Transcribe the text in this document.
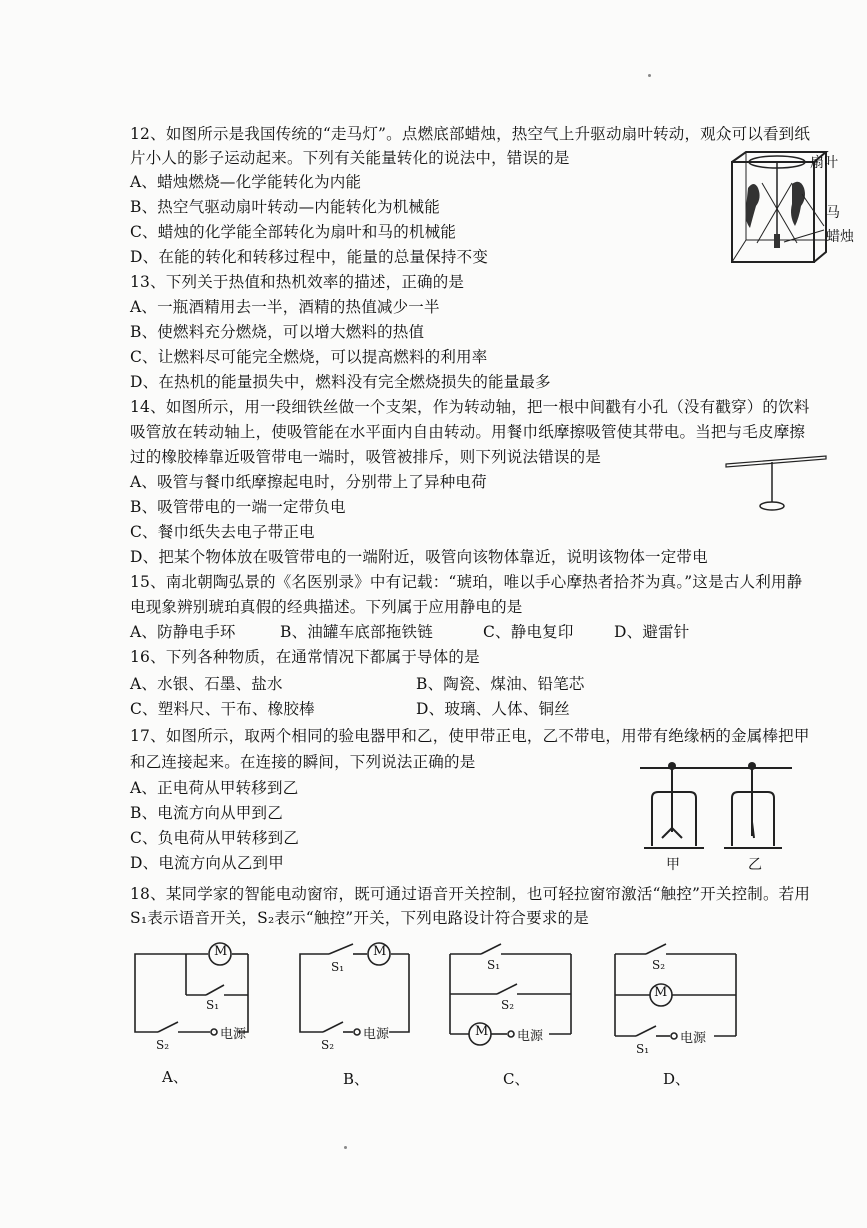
12、如图所示是我国传统的“走马灯”。点燃底部蜡烛，热空气上升驱动扇叶转动，观众可以看到纸
片小人的影子运动起来。下列有关能量转化的说法中，错误的是
A、蜡烛燃烧—化学能转化为内能
B、热空气驱动扇叶转动—内能转化为机械能
C、蜡烛的化学能全部转化为扇叶和马的机械能
D、在能的转化和转移过程中，能量的总量保持不变
扇叶
马
蜡烛
13、下列关于热值和热机效率的描述，正确的是
A、一瓶酒精用去一半，酒精的热值减少一半
B、使燃料充分燃烧，可以增大燃料的热值
C、让燃料尽可能完全燃烧，可以提高燃料的利用率
D、在热机的能量损失中，燃料没有完全燃烧损失的能量最多
14、如图所示，用一段细铁丝做一个支架，作为转动轴，把一根中间戳有小孔（没有戳穿）的饮料
吸管放在转动轴上，使吸管能在水平面内自由转动。用餐巾纸摩擦吸管使其带电。当把与毛皮摩擦
过的橡胶棒靠近吸管带电一端时，吸管被排斥，则下列说法错误的是
A、吸管与餐巾纸摩擦起电时，分别带上了异种电荷
B、吸管带电的一端一定带负电
C、餐巾纸失去电子带正电
D、把某个物体放在吸管带电的一端附近，吸管向该物体靠近，说明该物体一定带电
15、南北朝陶弘景的《名医别录》中有记载：“琥珀，唯以手心摩热者拾芥为真。”这是古人利用静
电现象辨别琥珀真假的经典描述。下列属于应用静电的是
A、防静电手环	B、油罐车底部拖铁链	C、静电复印	D、避雷针
16、下列各种物质，在通常情况下都属于导体的是
A、水银、石墨、盐水	B、陶瓷、煤油、铅笔芯
C、塑料尺、干布、橡胶棒	D、玻璃、人体、铜丝
17、如图所示，取两个相同的验电器甲和乙，使甲带正电，乙不带电，用带有绝缘柄的金属棒把甲
和乙连接起来。在连接的瞬间，下列说法正确的是
A、正电荷从甲转移到乙
B、电流方向从甲到乙
C、负电荷从甲转移到乙
D、电流方向从乙到甲	甲	乙
18、某同学家的智能电动窗帘，既可通过语音开关控制，也可轻拉窗帘激活“触控”开关控制。若用
S₁表示语音开关，S₂表示“触控”开关，下列电路设计符合要求的是
M
S₁
S₂
电源
A、
M
S₁
S₂
电源
B、
M
S₁
S₂
电源
C、
M
S₁
S₂
电源
D、
